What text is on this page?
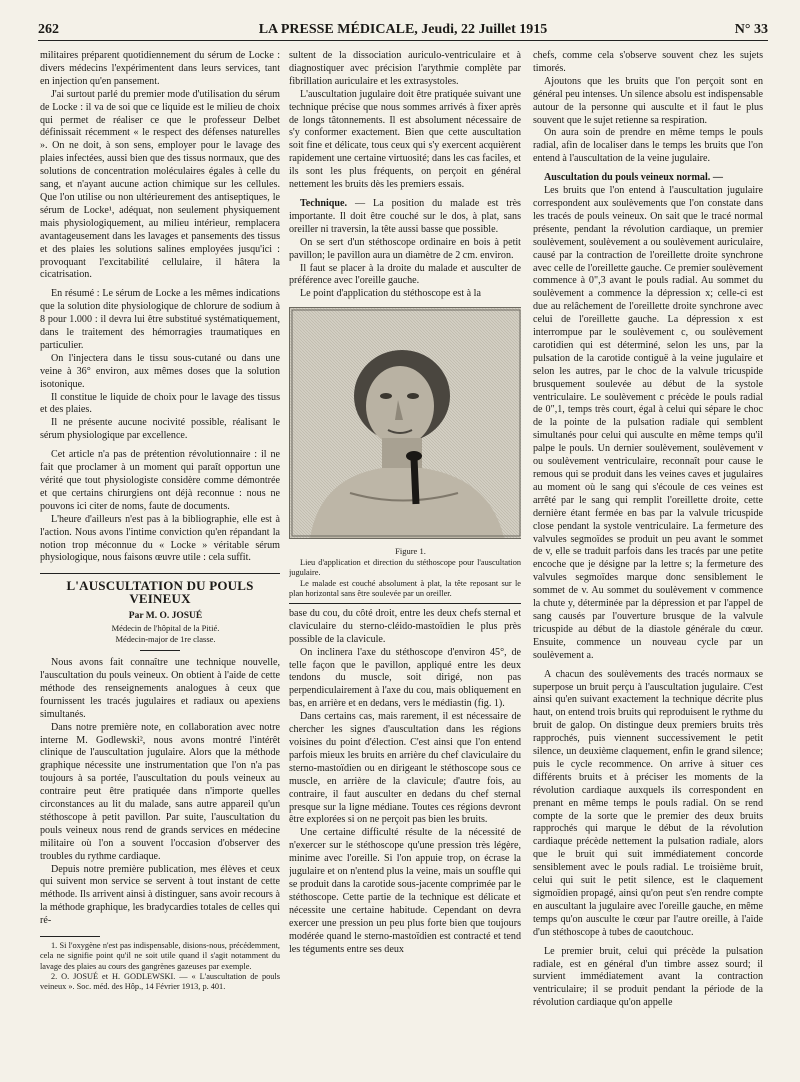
262	LA PRESSE MÉDICALE, Jeudi, 22 Juillet 1915	N° 33

militaires préparent quotidiennement du sérum de Locke : divers médecins l'expérimentent dans leurs services, tant en injection qu'en pansement.

J'ai surtout parlé du premier mode d'utilisation du sérum de Locke : il va de soi que ce liquide est le milieu de choix qui permet de réaliser ce que le professeur Delbet définissait récemment « le respect des défenses naturelles ». On ne doit, à son sens, employer pour le lavage des plaies infectées, aussi bien que des tissus normaux, que des solutions de concentration moléculaires égales à celle du sang, et n'ayant aucune action chimique sur les cellules. Que l'on utilise ou non ultérieurement des antiseptiques, le sérum de Locke¹, adéquat, non seulement physiquement mais physiologiquement, au milieu intérieur, remplacera avantageusement dans les lavages et pansements des tissus et des plaies les solutions salines employées jusqu'ici : provoquant l'excitabilité cellulaire, il hâtera la cicatrisation.

En résumé : Le sérum de Locke a les mêmes indications que la solution dite physiologique de chlorure de sodium à 8 pour 1.000 : il devra lui être substitué systématiquement, dans le traitement des hémorragies traumatiques en particulier.

On l'injectera dans le tissu sous-cutané ou dans une veine à 36° environ, aux mêmes doses que la solution isotonique.

Il constitue le liquide de choix pour le lavage des tissus et des plaies.

Il ne présente aucune nocivité possible, réalisant le sérum physiologique par excellence.

Cet article n'a pas de prétention révolutionnaire : il ne fait que proclamer à un moment qui paraît opportun une vérité que tout physiologiste considère comme démontrée et que certains chirurgiens ont déjà reconnue : nous ne pouvons ici citer de noms, faute de documents.

L'heure d'ailleurs n'est pas à la bibliographie, elle est à l'action. Nous avons l'intime conviction qu'en répandant la notion trop méconnue du « Locke » véritable sérum physiologique, nous faisons œuvre utile : cela suffit.

L'AUSCULTATION DU POULS VEINEUX

Par M. O. JOSUÉ

Médecin de l'hôpital de la Pitié.

Médecin-major de 1re classe.

Nous avons fait connaître une technique nouvelle, l'auscultation du pouls veineux. On obtient à l'aide de cette méthode des renseignements analogues à ceux que fournissent les tracés jugulaires et radiaux ou apexiens simultanés.

Dans notre première note, en collaboration avec notre interne M. Godlewski², nous avons montré l'intérêt clinique de l'auscultation jugulaire. Alors que la méthode graphique nécessite une instrumentation que l'on n'a pas toujours à sa portée, l'auscultation du pouls veineux au contraire peut être pratiquée dans n'importe quelles circonstances au lit du malade, sans autre appareil qu'un stéthoscope à petit pavillon. Par suite, l'auscultation du pouls veineux nous rend de grands services en médecine militaire où l'on a souvent l'occasion d'observer des troubles du rythme cardiaque.

Depuis notre première publication, mes élèves et ceux qui suivent mon service se servent à tout instant de cette méthode. Ils arrivent ainsi à distinguer, sans avoir recours à la méthode graphique, les bradycardies totales de celles qui ré-

1. Si l'oxygène n'est pas indispensable, disions-nous, précédemment, cela ne signifie point qu'il ne soit utile quand il s'agit notamment du lavage des plaies au cours des gangrènes gazeuses par exemple.

2. O. JOSUÉ et H. GODLEWSKI. — « L'auscultation de pouls veineux ». Soc. méd. des Hôp., 14 Février 1913, p. 401.

sultent de la dissociation auriculo-ventriculaire et à diagnostiquer avec précision l'arythmie complète par fibrillation auriculaire et les extrasystoles.

L'auscultation jugulaire doit être pratiquée suivant une technique précise que nous sommes arrivés à fixer après de longs tâtonnements. Il est absolument nécessaire de s'y conformer exactement. Bien que cette auscultation soit fine et délicate, tous ceux qui s'y exercent acquièrent rapidement une certaine virtuosité; dans les cas faciles, et ils sont les plus fréquents, on perçoit en général nettement les bruits dès les premiers essais.

Technique. — La position du malade est très importante. Il doit être couché sur le dos, à plat, sans oreiller ni traversin, la tête aussi basse que possible.

On se sert d'un stéthoscope ordinaire en bois à petit pavillon; le pavillon aura un diamètre de 2 cm. environ.

Il faut se placer à la droite du malade et ausculter de préférence avec l'oreille gauche.

Le point d'application du stéthoscope est à la

Figure 1.

Lieu d'application et direction du stéthoscope pour l'auscultation jugulaire.

Le malade est couché absolument à plat, la tête reposant sur le plan horizontal sans être soulevée par un oreiller.

base du cou, du côté droit, entre les deux chefs sternal et claviculaire du sterno-cléido-mastoïdien le plus près possible de la clavicule.

On inclinera l'axe du stéthoscope d'environ 45°, de telle façon que le pavillon, appliqué entre les deux tendons du muscle, soit dirigé, non pas perpendiculairement à l'axe du cou, mais obliquement en bas, en arrière et en dedans, vers le médiastin (fig. 1).

Dans certains cas, mais rarement, il est nécessaire de chercher les signes d'auscultation dans les régions voisines du point d'élection. C'est ainsi que l'on entend parfois mieux les bruits en arrière du chef claviculaire du sterno-mastoïdien ou en dirigeant le stéthoscope sous ce muscle, en arrière de la clavicule; d'autre fois, au contraire, il faut ausculter en dedans du chef sternal presque sur la ligne médiane. Toutes ces régions devront être explorées si on ne perçoit pas bien les bruits.

Une certaine difficulté résulte de la nécessité de n'exercer sur le stéthoscope qu'une pression très légère, minime avec l'oreille. Si l'on appuie trop, on écrase la jugulaire et on n'entend plus la veine, mais un souffle qui se produit dans la carotide sous-jacente comprimée par le stéthoscope. Cette partie de la technique est délicate et nécessite une certaine habitude. Cependant on devra exercer une pression un peu plus forte bien que toujours modérée quand le sterno-mastoïdien est contracté et tend les téguments entre ses deux

chefs, comme cela s'observe souvent chez les sujets timorés.

Ajoutons que les bruits que l'on perçoit sont en général peu intenses. Un silence absolu est indispensable autour de la personne qui ausculte et il faut le plus souvent que le sujet retienne sa respiration.

On aura soin de prendre en même temps le pouls radial, afin de localiser dans le temps les bruits que l'on entend à l'auscultation de la veine jugulaire.

Auscultation du pouls veineux normal. —

Les bruits que l'on entend à l'auscultation jugulaire correspondent aux soulèvements que l'on constate dans les tracés de pouls veineux. On sait que le tracé normal présente, pendant la révolution cardiaque, un premier soulèvement, soulèvement a ou soulèvement auriculaire, causé par la contraction de l'oreillette droite synchrone avec celle de l'oreillette gauche. Ce premier soulèvement commence à 0",3 avant le pouls radial. Au sommet du soulèvement a commence la dépression x; celle-ci est due au relâchement de l'oreillette droite synchrone avec celui de l'oreillette gauche. La dépression x est interrompue par le soulèvement c, ou soulèvement carotidien qui est déterminé, selon les uns, par la pulsation de la carotide contiguë à la veine jugulaire et selon les autres, par le choc de la valvule tricuspide brusquement soulevée au début de la systole ventriculaire. Le soulèvement c précède le pouls radial de 0",1, temps très court, égal à celui qui sépare le choc de la pointe de la pulsation radiale qui semblent simultanés pour celui qui ausculte en même temps qu'il palpe le pouls. Un dernier soulèvement, soulèvement v ou soulèvement ventriculaire, reconnaît pour cause le remous qui se produit dans les veines caves et jugulaires au moment où le sang qui s'écoule de ces veines est arrêté par le sang qui remplit l'oreillette droite, cette dernière étant fermée en bas par la valvule tricuspide close pendant la systole ventriculaire. La fermeture des valvules segmoïdes se produit un peu avant le sommet de v, elle se traduit parfois dans les tracés par une petite encoche que je désigne par la lettre s; la fermeture des valvules segmoïdes marque donc sensiblement le sommet de v. Au sommet du soulèvement v commence la chute y, déterminée par la dépression et par l'appel de sang causés par l'ouverture brusque de la valvule tricuspide au début de la diastole générale du cœur. Ensuite, commence un nouveau cycle par un soulèvement a.

A chacun des soulèvements des tracés normaux se superpose un bruit perçu à l'auscultation jugulaire. C'est ainsi qu'en suivant exactement la technique décrite plus haut, on entend trois bruits qui reproduisent le rythme du bruit de galop. On distingue deux premiers bruits très rapprochés, puis viennent successivement le petit silence, un deuxième claquement, enfin le grand silence; puis le cycle recommence. On arrive à situer ces différents bruits et à préciser les moments de la révolution cardiaque auxquels ils correspondent en prenant en même temps le pouls radial. On se rend compte de la sorte que le premier des deux bruits rapprochés qui marque le début de la révolution cardiaque précède nettement la pulsation radiale, alors que le bruit qui suit immédiatement concorde sensiblement avec le pouls radial. Le troisième bruit, celui qui suit le petit silence, est le claquement sigmoïdien propagé, ainsi qu'on peut s'en rendre compte en auscultant la jugulaire avec l'oreille gauche, en même temps qu'on ausculte le cœur par l'autre oreille, à l'aide d'un stéthoscope à tubes de caoutchouc.

Le premier bruit, celui qui précède la pulsation radiale, est en général d'un timbre assez sourd; il survient immédiatement avant la contraction ventriculaire; il se produit pendant la période de la révolution cardiaque qu'on appelle
